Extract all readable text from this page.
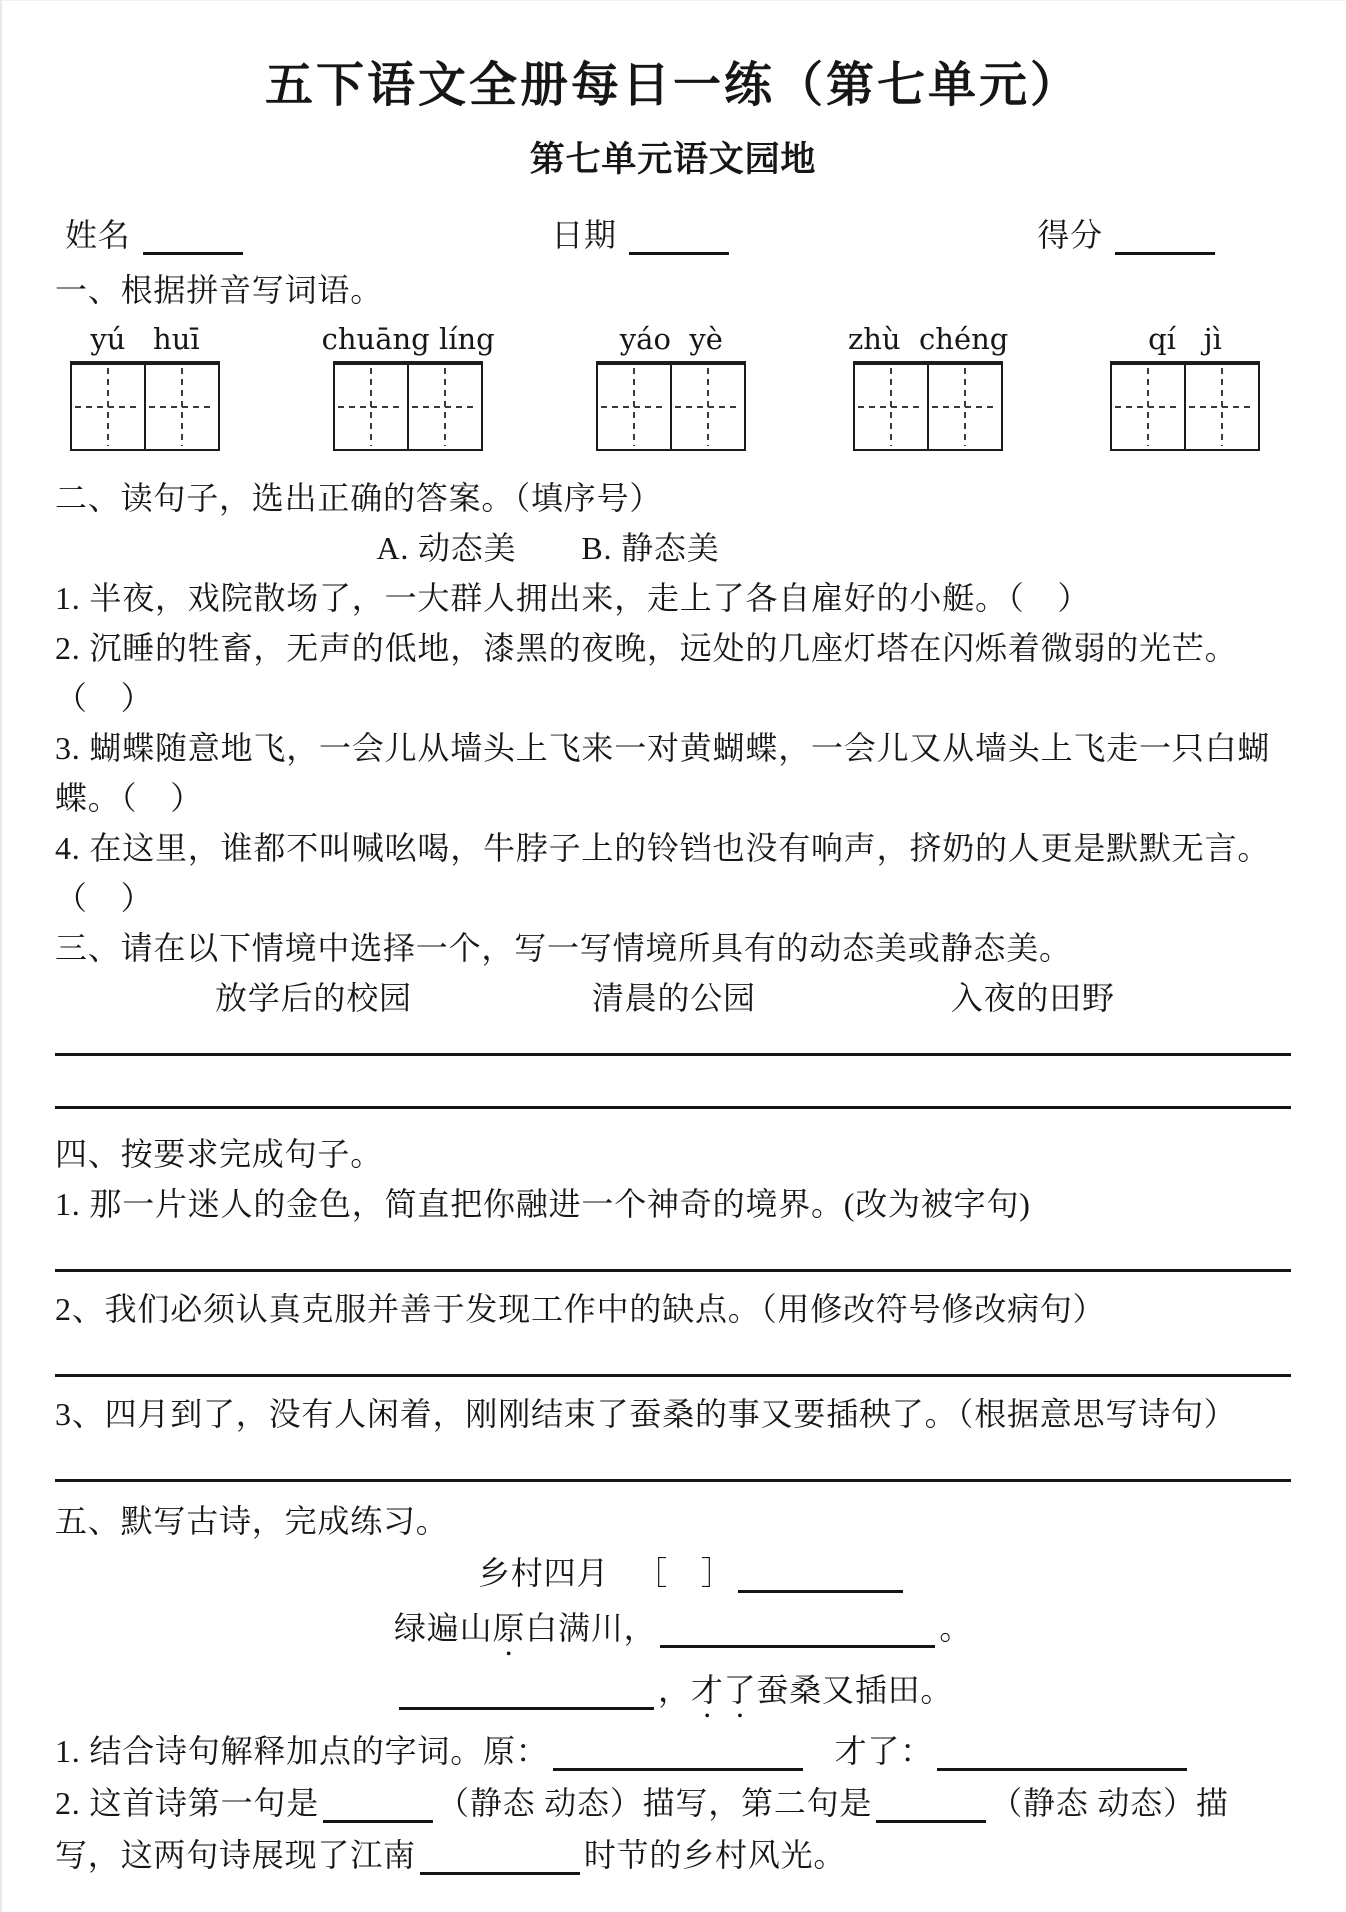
五下语文全册每日一练（第七单元）
第七单元语文园地
姓名	日期	得分
一、根据拼音写词语。
yú   huī	chuāng líng	yáo  yè	zhù  chéng	qí   jì
二、读句子，选出正确的答案。（填序号）
A. 动态美 B. 静态美
1. 半夜，戏院散场了，一大群人拥出来，走上了各自雇好的小艇。（　）
2. 沉睡的牲畜，无声的低地，漆黑的夜晚，远处的几座灯塔在闪烁着微弱的光芒。（　）
3. 蝴蝶随意地飞，一会儿从墙头上飞来一对黄蝴蝶，一会儿又从墙头上飞走一只白蝴蝶。（　）
4. 在这里，谁都不叫喊吆喝，牛脖子上的铃铛也没有响声，挤奶的人更是默默无言。（　）
三、请在以下情境中选择一个，写一写情境所具有的动态美或静态美。
放学后的校园	清晨的公园	入夜的田野
四、按要求完成句子。
1. 那一片迷人的金色，简直把你融进一个神奇的境界。(改为被字句)
2、我们必须认真克服并善于发现工作中的缺点。（用修改符号修改病句）
3、四月到了，没有人闲着，刚刚结束了蚕桑的事又要插秧了。（根据意思写诗句）
五、默写古诗，完成练习。
乡村四月 ［　］
绿遍山原白满川，	。
，才了蚕桑又插田。
1. 结合诗句解释加点的字词。原：	才了：
2. 这首诗第一句是	（静态 动态）描写，第二句是	（静态 动态）描写，这两句诗展现了江南	时节的乡村风光。
